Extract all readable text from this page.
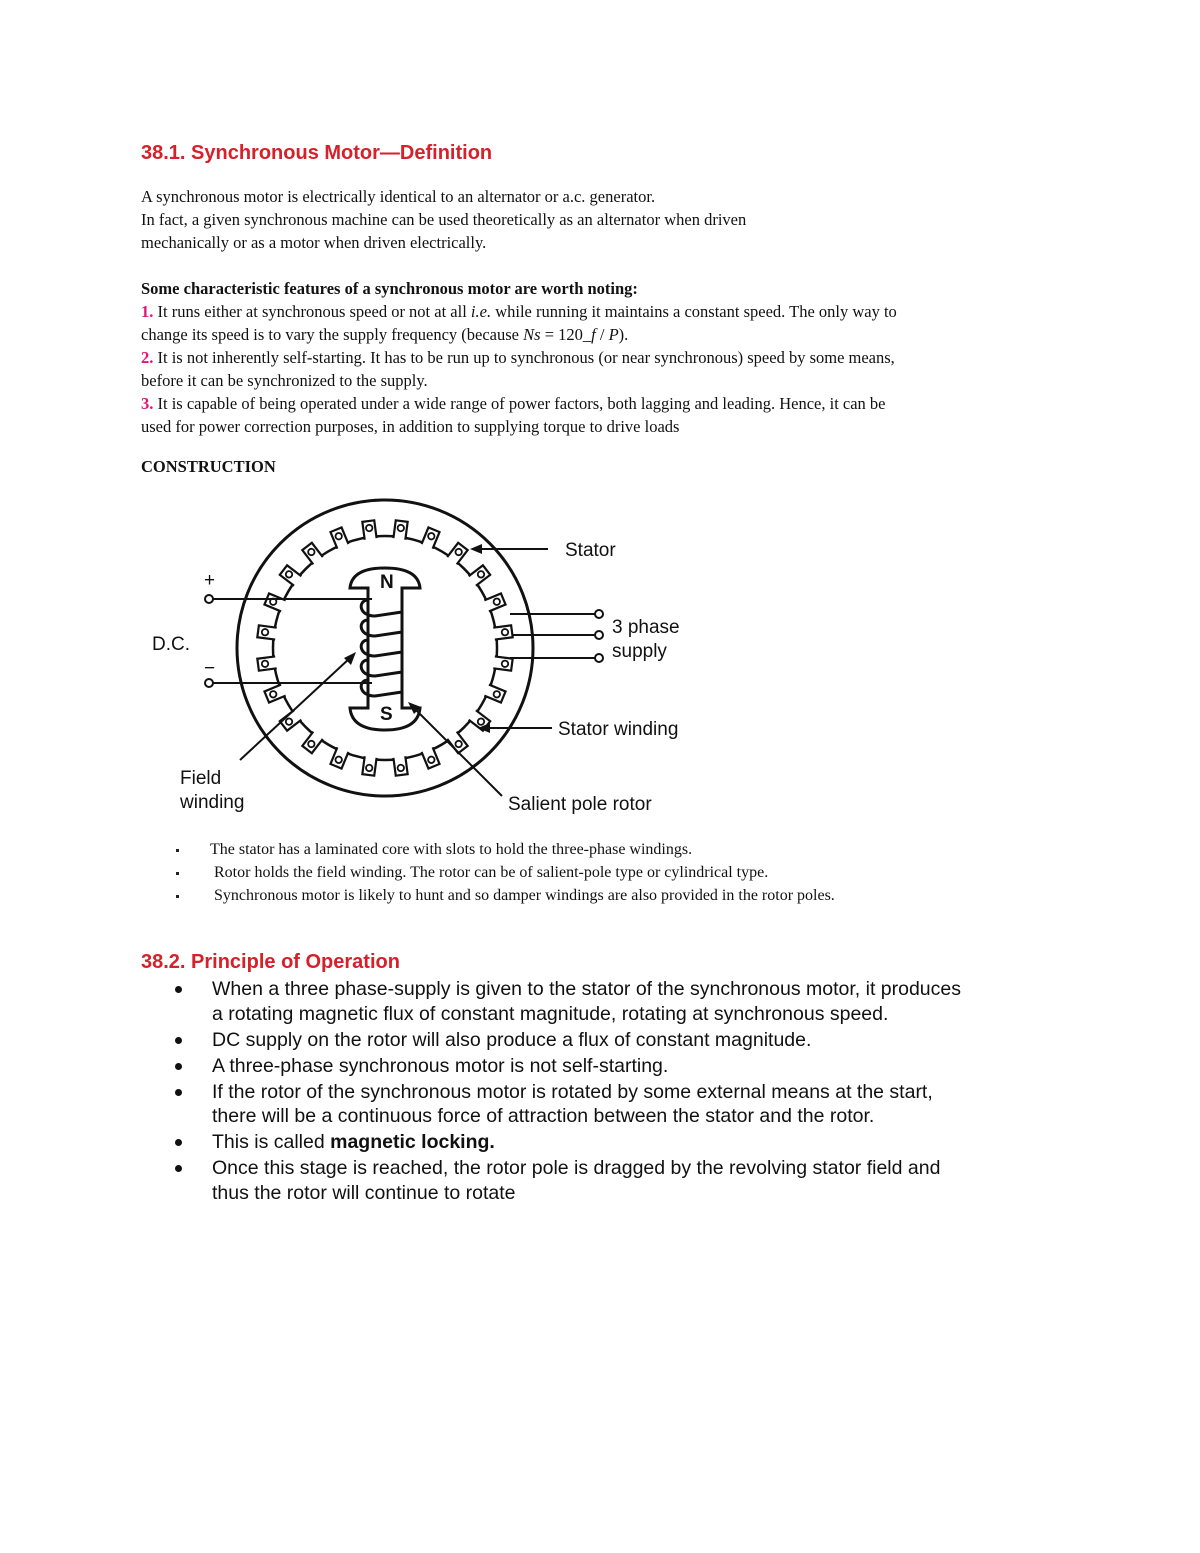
38.1. Synchronous Motor—Definition
A synchronous motor is electrically identical to an alternator or a.c. generator.
In fact, a given synchronous machine can be used theoretically as an alternator when driven
mechanically or as a motor when driven electrically.
Some characteristic features of a synchronous motor are worth noting:
1. It runs either at synchronous speed or not at all i.e. while running it maintains a constant speed. The only way to
change its speed is to vary the supply frequency (because Ns = 120_f / P).
2. It is not inherently self-starting. It has to be run up to synchronous (or near synchronous) speed by some means,
before it can be synchronized to the supply.
3. It is capable of being operated under a wide range of power factors, both lagging and leading. Hence, it can be
used for power correction purposes, in addition to supplying torque to drive loads
CONSTRUCTION
N
S
+
−
D.C.
3 phase
supply
Stator
Stator winding
Salient pole rotor
Field
winding
The stator has a laminated core with slots to hold the three-phase windings.
Rotor holds the field winding. The rotor can be of salient-pole type or cylindrical type.
Synchronous motor is likely to hunt and so damper windings are also provided in the rotor poles.
38.2. Principle of Operation
When a three phase-supply is given to the stator of the synchronous motor, it produces
a rotating magnetic flux of constant magnitude, rotating at synchronous speed.
DC supply on the rotor will also produce a flux of constant magnitude.
A three-phase synchronous motor is not self-starting.
If the rotor of the synchronous motor is rotated by some external means at the start,
there will be a continuous force of attraction between the stator and the rotor.
This is called magnetic locking.
Once this stage is reached, the rotor pole is dragged by the revolving stator field and
thus the rotor will continue to rotate
